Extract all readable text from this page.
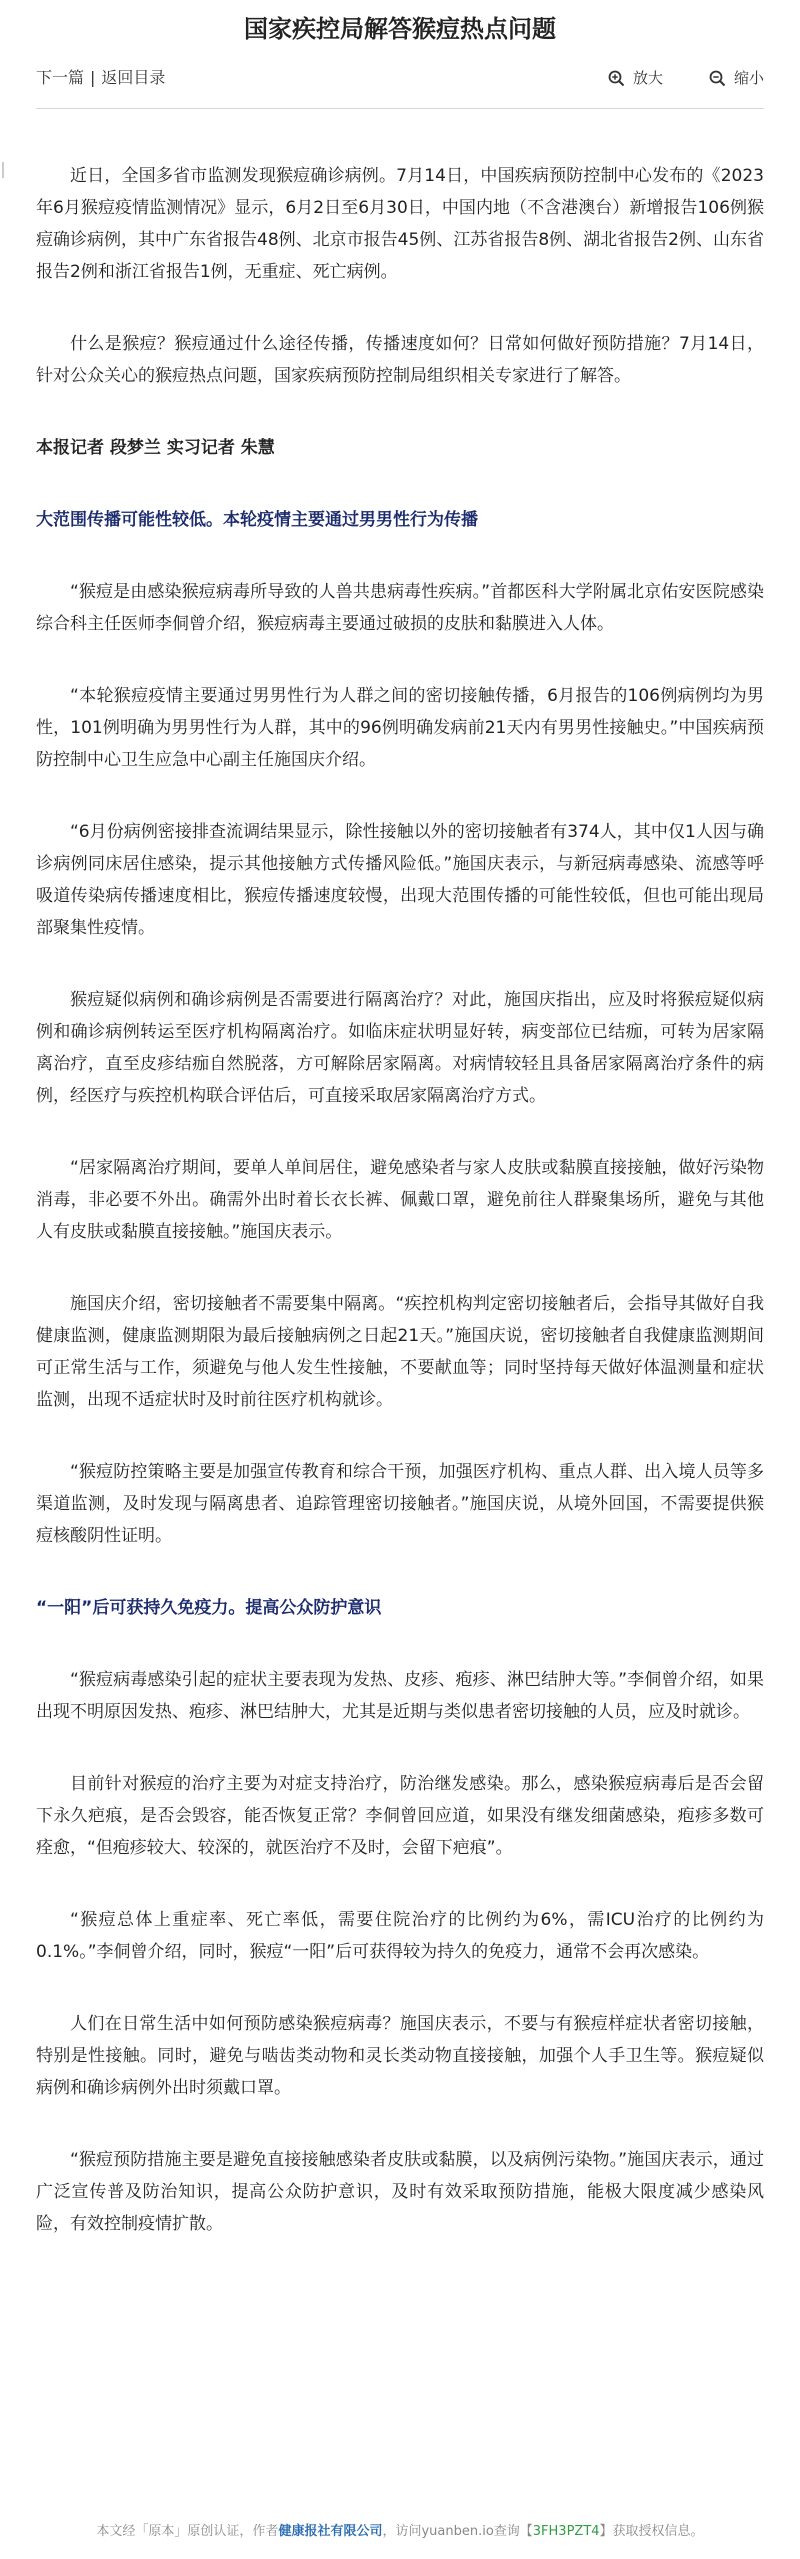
国家疾控局解答猴痘热点问题
下一篇 | 返回目录	放大	缩小

近日，全国多省市监测发现猴痘确诊病例。7月14日，中国疾病预防控制中心发布的《2023年6月猴痘疫情监测情况》显示，6月2日至6月30日，中国内地（不含港澳台）新增报告106例猴痘确诊病例，其中广东省报告48例、北京市报告45例、江苏省报告8例、湖北省报告2例、山东省报告2例和浙江省报告1例，无重症、死亡病例。

什么是猴痘？猴痘通过什么途径传播，传播速度如何？日常如何做好预防措施？7月14日，针对公众关心的猴痘热点问题，国家疾病预防控制局组织相关专家进行了解答。

本报记者 段梦兰 实习记者 朱慧

大范围传播可能性较低。本轮疫情主要通过男男性行为传播

“猴痘是由感染猴痘病毒所导致的人兽共患病毒性疾病。”首都医科大学附属北京佑安医院感染综合科主任医师李侗曾介绍，猴痘病毒主要通过破损的皮肤和黏膜进入人体。

“本轮猴痘疫情主要通过男男性行为人群之间的密切接触传播，6月报告的106例病例均为男性，101例明确为男男性行为人群，其中的96例明确发病前21天内有男男性接触史。”中国疾病预防控制中心卫生应急中心副主任施国庆介绍。

“6月份病例密接排查流调结果显示，除性接触以外的密切接触者有374人，其中仅1人因与确诊病例同床居住感染，提示其他接触方式传播风险低。”施国庆表示，与新冠病毒感染、流感等呼吸道传染病传播速度相比，猴痘传播速度较慢，出现大范围传播的可能性较低，但也可能出现局部聚集性疫情。

猴痘疑似病例和确诊病例是否需要进行隔离治疗？对此，施国庆指出，应及时将猴痘疑似病例和确诊病例转运至医疗机构隔离治疗。如临床症状明显好转，病变部位已结痂，可转为居家隔离治疗，直至皮疹结痂自然脱落，方可解除居家隔离。对病情较轻且具备居家隔离治疗条件的病例，经医疗与疾控机构联合评估后，可直接采取居家隔离治疗方式。

“居家隔离治疗期间，要单人单间居住，避免感染者与家人皮肤或黏膜直接接触，做好污染物消毒，非必要不外出。确需外出时着长衣长裤、佩戴口罩，避免前往人群聚集场所，避免与其他人有皮肤或黏膜直接接触。”施国庆表示。

施国庆介绍，密切接触者不需要集中隔离。“疾控机构判定密切接触者后，会指导其做好自我健康监测，健康监测期限为最后接触病例之日起21天。”施国庆说，密切接触者自我健康监测期间可正常生活与工作，须避免与他人发生性接触，不要献血等；同时坚持每天做好体温测量和症状监测，出现不适症状时及时前往医疗机构就诊。

“猴痘防控策略主要是加强宣传教育和综合干预，加强医疗机构、重点人群、出入境人员等多渠道监测，及时发现与隔离患者、追踪管理密切接触者。”施国庆说，从境外回国，不需要提供猴痘核酸阴性证明。

“一阳”后可获持久免疫力。提高公众防护意识

“猴痘病毒感染引起的症状主要表现为发热、皮疹、疱疹、淋巴结肿大等。”李侗曾介绍，如果出现不明原因发热、疱疹、淋巴结肿大，尤其是近期与类似患者密切接触的人员，应及时就诊。

目前针对猴痘的治疗主要为对症支持治疗，防治继发感染。那么，感染猴痘病毒后是否会留下永久疤痕，是否会毁容，能否恢复正常？李侗曾回应道，如果没有继发细菌感染，疱疹多数可痊愈，“但疱疹较大、较深的，就医治疗不及时，会留下疤痕”。

“猴痘总体上重症率、死亡率低，需要住院治疗的比例约为6%，需ICU治疗的比例约为0.1%。”李侗曾介绍，同时，猴痘“一阳”后可获得较为持久的免疫力，通常不会再次感染。

人们在日常生活中如何预防感染猴痘病毒？施国庆表示，不要与有猴痘样症状者密切接触，特别是性接触。同时，避免与啮齿类动物和灵长类动物直接接触，加强个人手卫生等。猴痘疑似病例和确诊病例外出时须戴口罩。

“猴痘预防措施主要是避免直接接触感染者皮肤或黏膜，以及病例污染物。”施国庆表示，通过广泛宣传普及防治知识，提高公众防护意识，及时有效采取预防措施，能极大限度减少感染风险，有效控制疫情扩散。

本文经「原本」原创认证，作者健康报社有限公司，访问yuanben.io查询【3FH3PZT4】获取授权信息。
